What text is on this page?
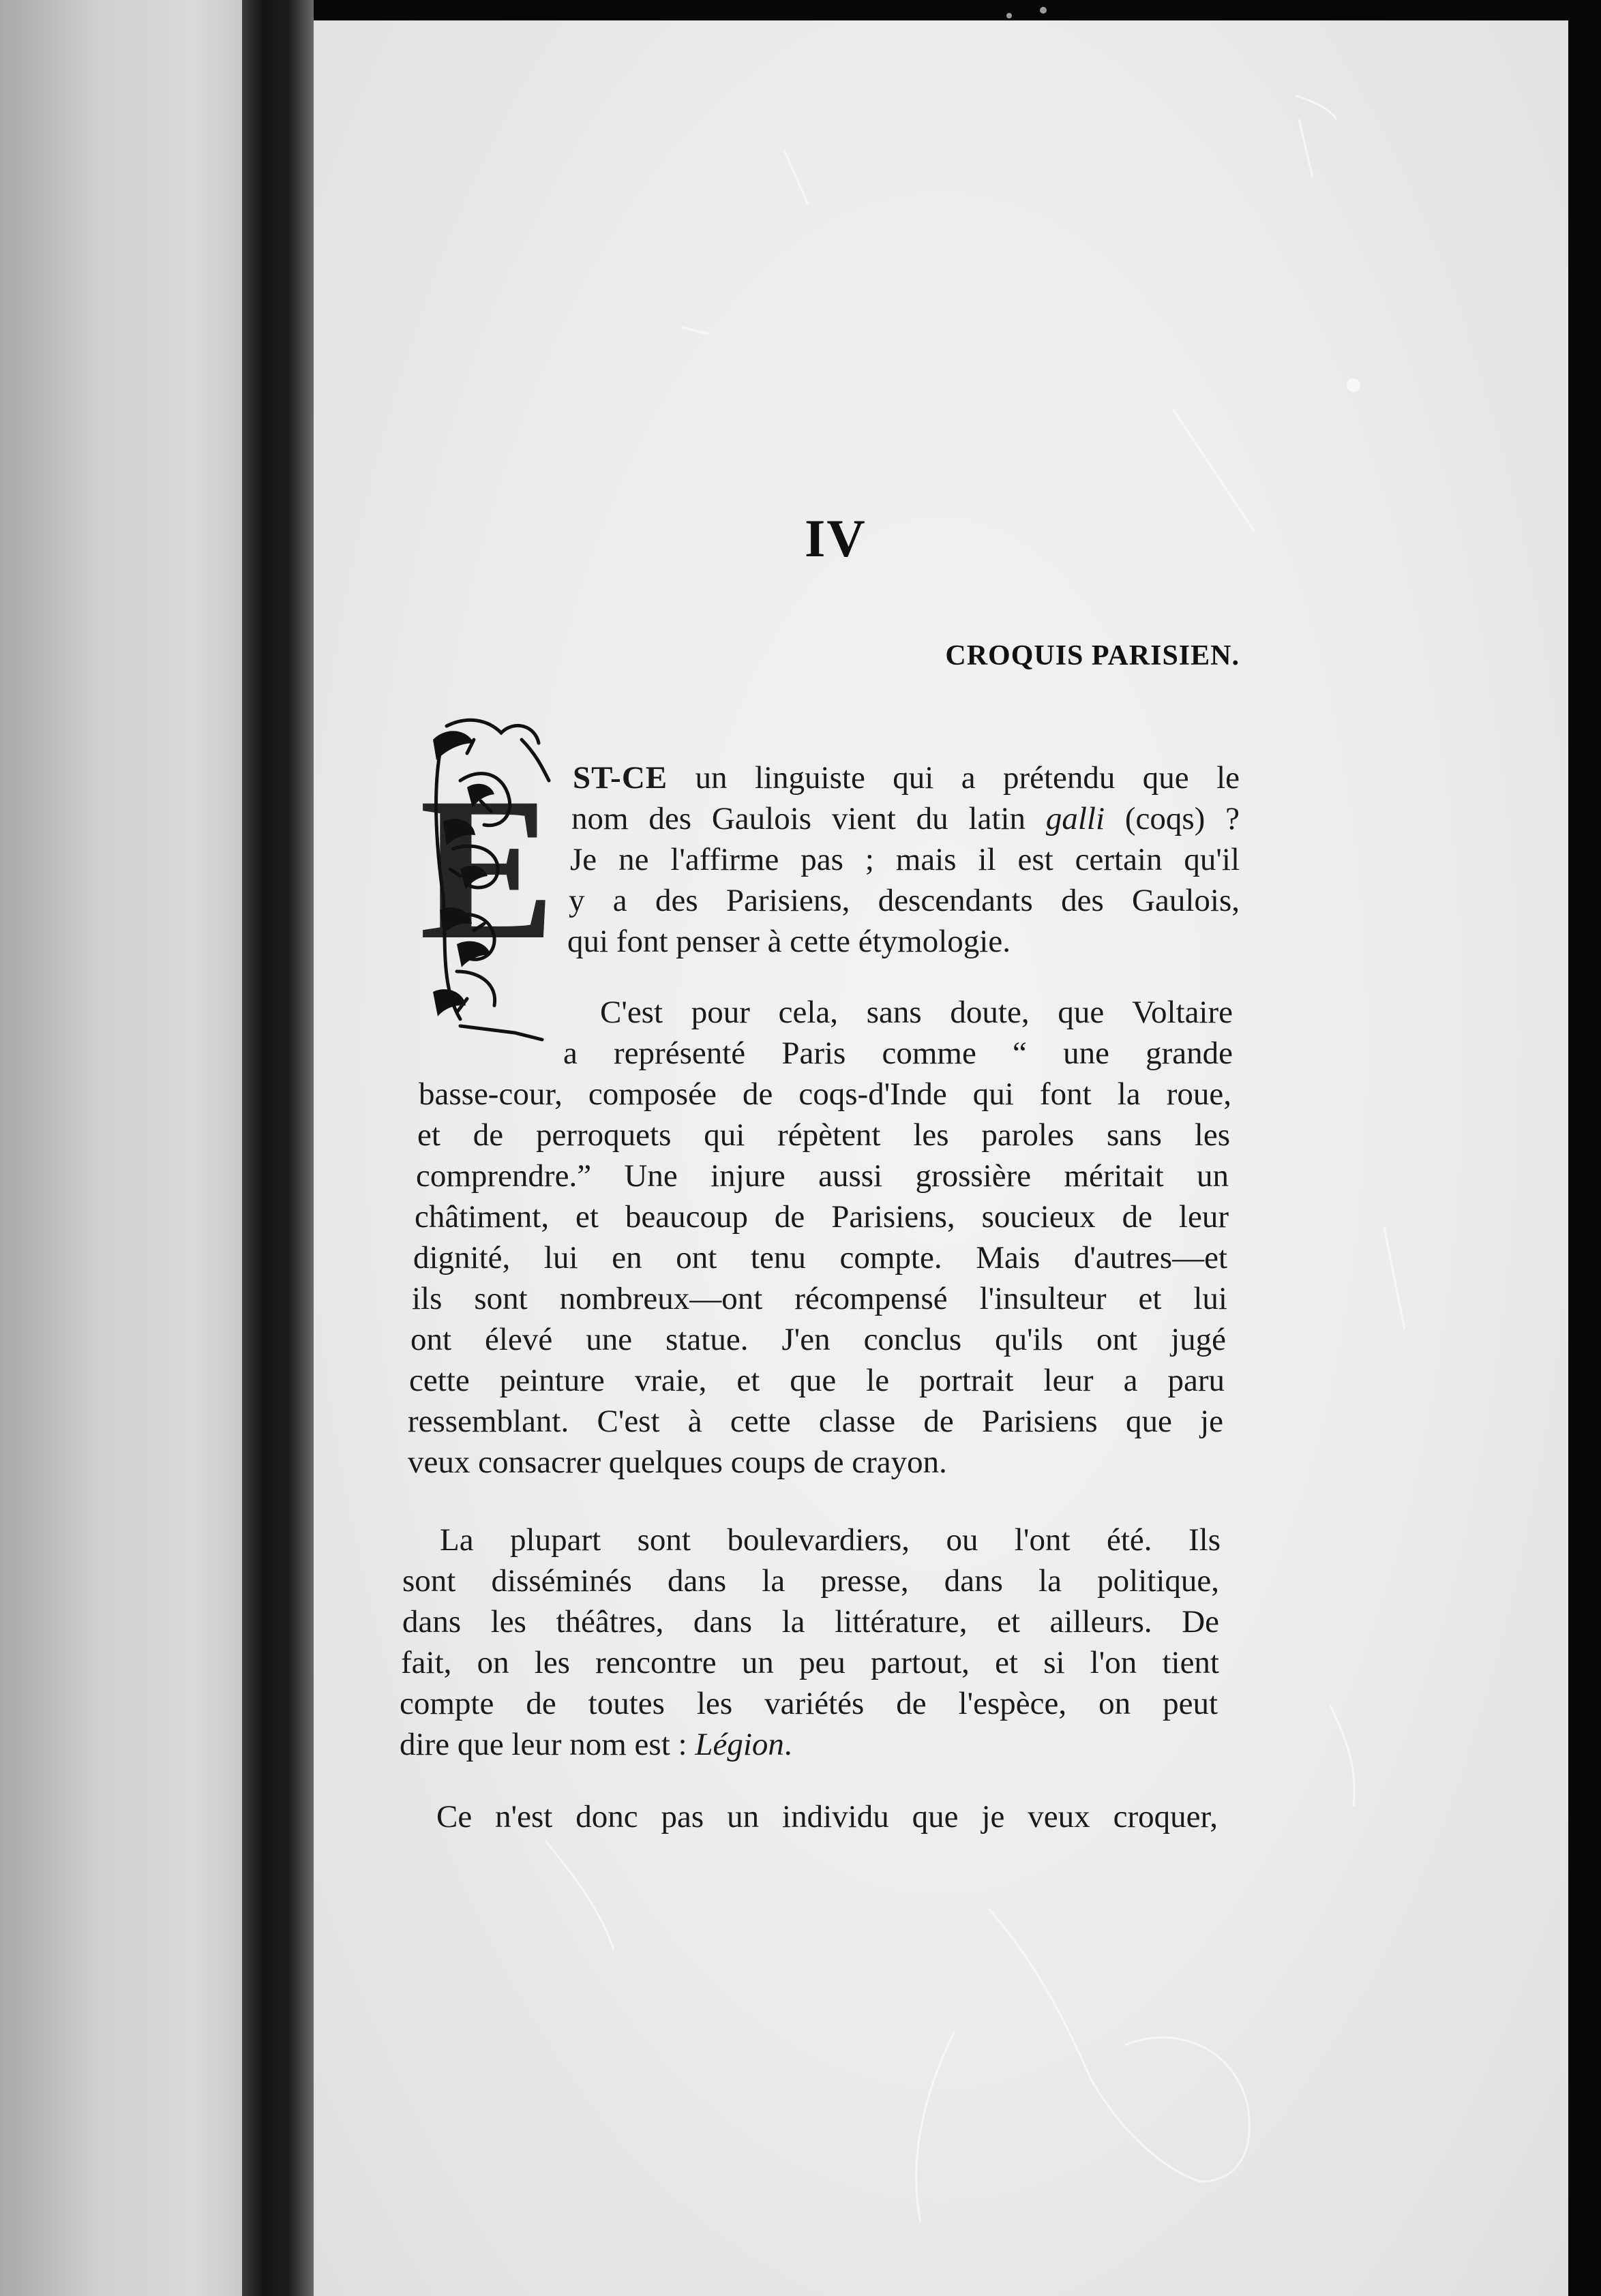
IV
CROQUIS PARISIEN.
E ST-CE un linguiste qui a prétendu que le
nom des Gaulois vient du latin galli (coqs) ?
Je ne l'affirme pas ; mais il est certain qu'il
y a des Parisiens, descendants des Gaulois,
qui font penser à cette étymologie.
C'est pour cela, sans doute, que Voltaire
a représenté Paris comme “ une grande
basse-cour, composée de coqs-d'Inde qui font la roue,
et de perroquets qui répètent les paroles sans les
comprendre.” Une injure aussi grossière méritait un
châtiment, et beaucoup de Parisiens, soucieux de leur
dignité, lui en ont tenu compte. Mais d'autres—et
ils sont nombreux—ont récompensé l'insulteur et lui
ont élevé une statue. J'en conclus qu'ils ont jugé
cette peinture vraie, et que le portrait leur a paru
ressemblant. C'est à cette classe de Parisiens que je
veux consacrer quelques coups de crayon.
La plupart sont boulevardiers, ou l'ont été. Ils
sont disséminés dans la presse, dans la politique,
dans les théâtres, dans la littérature, et ailleurs. De
fait, on les rencontre un peu partout, et si l'on tient
compte de toutes les variétés de l'espèce, on peut
dire que leur nom est : Légion.
Ce n'est donc pas un individu que je veux croquer,
